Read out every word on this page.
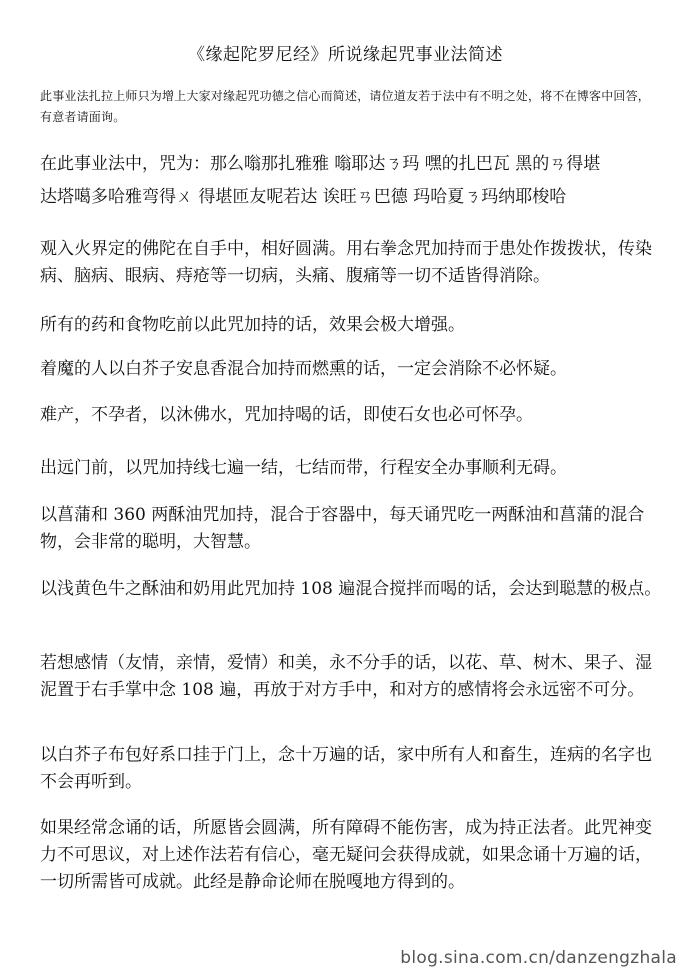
《缘起陀罗尼经》所说缘起咒事业法简述
此事业法扎拉上师只为增上大家对缘起咒功德之信心而简述，请位道友若于法中有不明之处，将不在博客中回答，有意者请面询。
在此事业法中，咒为：那么嗡那扎雅雅 嗡耶达ㄋ玛 嘿的扎巴瓦 黑的ㄢ得堪
达塔噶多哈雅弯得ㄨ 得堪匝友呢若达 诶旺ㄢ巴德 玛哈夏ㄋ玛纳耶梭哈

观入火界定的佛陀在自手中，相好圆满。用右拳念咒加持而于患处作拨拨状，传染病、脑病、眼病、痔疮等一切病，头痛、腹痛等一切不适皆得消除。

所有的药和食物吃前以此咒加持的话，效果会极大增强。

着魔的人以白芥子安息香混合加持而燃熏的话，一定会消除不必怀疑。

难产，不孕者，以沐佛水，咒加持喝的话，即使石女也必可怀孕。

出远门前，以咒加持线七遍一结，七结而带，行程安全办事顺利无碍。

以菖蒲和 360 两酥油咒加持，混合于容器中，每天诵咒吃一两酥油和菖蒲的混合物，会非常的聪明，大智慧。

以浅黄色牛之酥油和奶用此咒加持 108 遍混合搅拌而喝的话，会达到聪慧的极点。

若想感情（友情，亲情，爱情）和美，永不分手的话，以花、草、树木、果子、湿泥置于右手掌中念 108 遍，再放于对方手中，和对方的感情将会永远密不可分。

以白芥子布包好系口挂于门上，念十万遍的话，家中所有人和畜生，连病的名字也不会再听到。

如果经常念诵的话，所愿皆会圆满，所有障碍不能伤害，成为持正法者。此咒神变力不可思议，对上述作法若有信心，毫无疑问会获得成就，如果念诵十万遍的话，一切所需皆可成就。此经是静命论师在脱嘎地方得到的。

blog.sina.com.cn/danzengzhala
